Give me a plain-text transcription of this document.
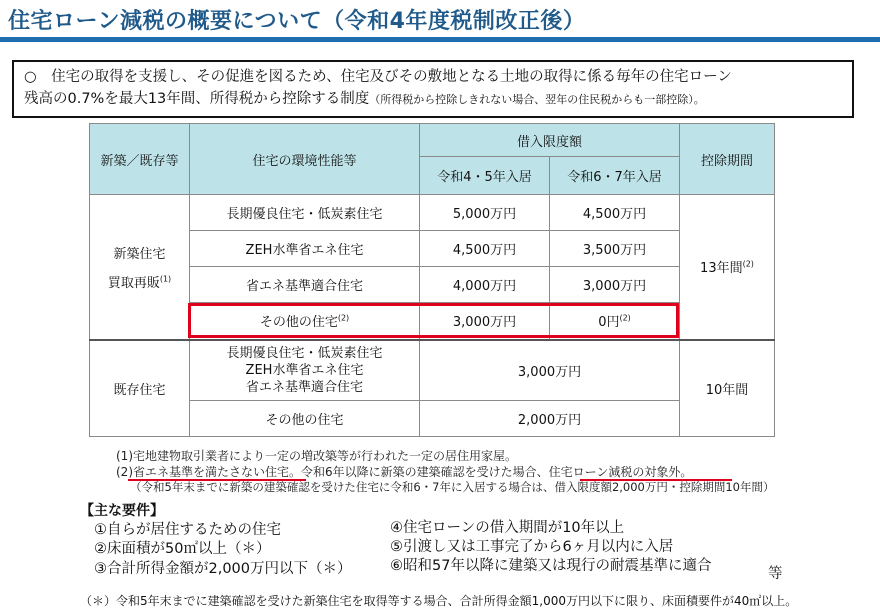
住宅ローン減税の概要について（令和4年度税制改正後）
○　住宅の取得を支援し、その促進を図るため、住宅及びその敷地となる土地の取得に係る毎年の住宅ローン
残高の0.7%を最大13年間、所得税から控除する制度（所得税から控除しきれない場合、翌年の住民税からも一部控除）。
新築／既存等	住宅の環境性能等	借入限度額		控除期間
		令和4・5年入居	令和6・7年入居	

新築住宅
買取再販$^{(1)}$	長期優良住宅・低炭素住宅	5,000万円	4,500万円	13年間$^{(2)}$
	ZEH水準省エネ住宅	4,500万円	3,500万円	
	省エネ基準適合住宅	4,000万円	3,000万円	
	その他の住宅$^{(2)}$	3,000万円	0円$^{(2)}$
既存住宅	長期優良住宅・低炭素住宅
ZEH水準省エネ住宅
省エネ基準適合住宅	3,000万円		10年間
	その他の住宅	2,000万円		
(1)宅地建物取引業者により一定の増改築等が行われた一定の居住用家屋。
(2)省エネ基準を満たさない住宅。令和6年以降に新築の建築確認を受けた場合、住宅ローン減税の対象外。
（令和5年末までに新築の建築確認を受けた住宅に令和6・7年に入居する場合は、借入限度額2,000万円・控除期間10年間）
【主な要件】
①自らが居住するための住宅
②床面積が50㎡以上（＊）
③合計所得金額が2,000万円以下（＊）
④住宅ローンの借入期間が10年以上
⑤引渡し又は工事完了から6ヶ月以内に入居
⑥昭和57年以降に建築又は現行の耐震基準に適合	等
（＊）令和5年末までに建築確認を受けた新築住宅を取得等する場合、合計所得金額1,000万円以下に限り、床面積要件が40㎡以上。
